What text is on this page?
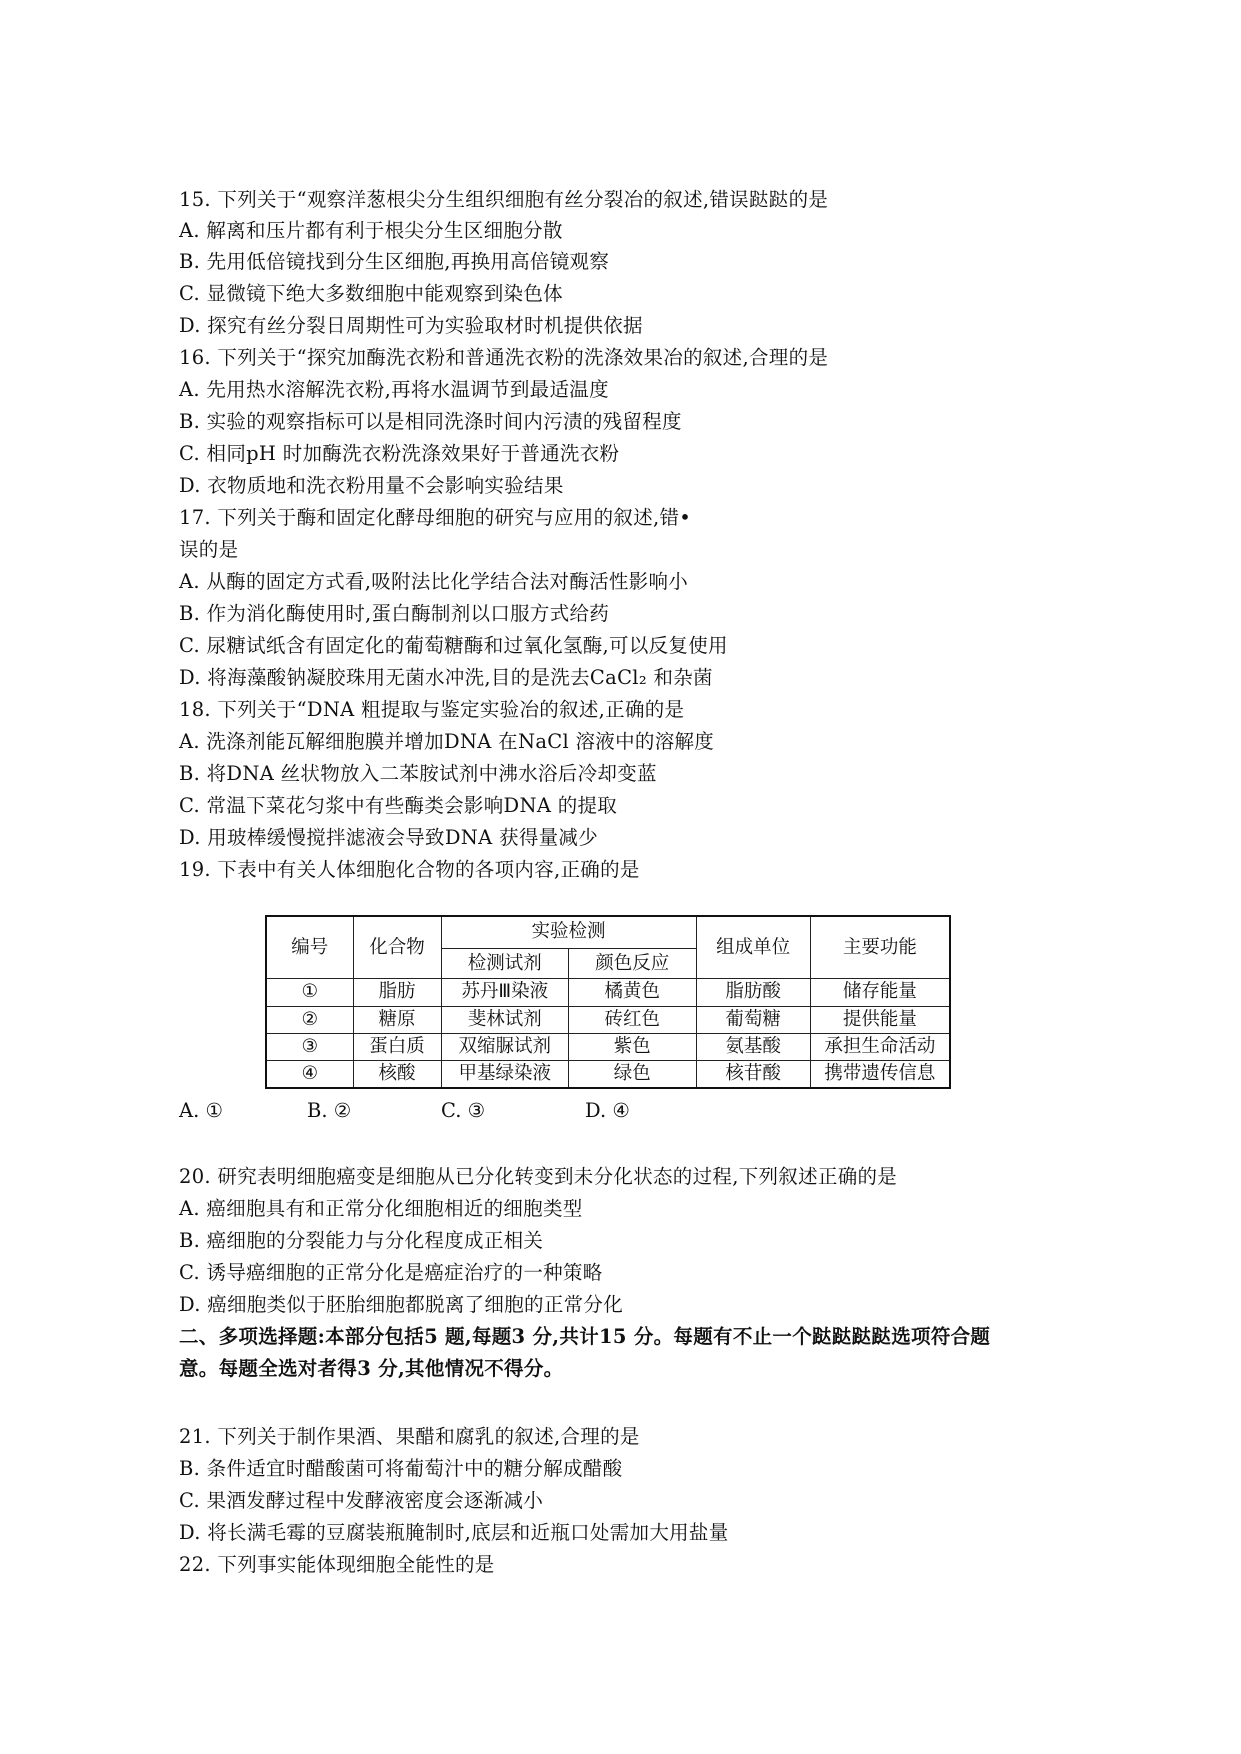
15. 下列关于“观察洋葱根尖分生组织细胞有丝分裂冶的叙述,错误跶跶的是
A. 解离和压片都有利于根尖分生区细胞分散
B. 先用低倍镜找到分生区细胞,再换用高倍镜观察
C. 显微镜下绝大多数细胞中能观察到染色体
D. 探究有丝分裂日周期性可为实验取材时机提供依据
16. 下列关于“探究加酶洗衣粉和普通洗衣粉的洗涤效果冶的叙述,合理的是
A. 先用热水溶解洗衣粉,再将水温调节到最适温度
B. 实验的观察指标可以是相同洗涤时间内污渍的残留程度
C. 相同pH 时加酶洗衣粉洗涤效果好于普通洗衣粉
D. 衣物质地和洗衣粉用量不会影响实验结果
17. 下列关于酶和固定化酵母细胞的研究与应用的叙述,错•
误的是
A. 从酶的固定方式看,吸附法比化学结合法对酶活性影响小
B. 作为消化酶使用时,蛋白酶制剂以口服方式给药
C. 尿糖试纸含有固定化的葡萄糖酶和过氧化氢酶,可以反复使用
D. 将海藻酸钠凝胶珠用无菌水冲洗,目的是洗去CaCl₂ 和杂菌
18. 下列关于“DNA 粗提取与鉴定实验冶的叙述,正确的是
A. 洗涤剂能瓦解细胞膜并增加DNA 在NaCl 溶液中的溶解度
B. 将DNA 丝状物放入二苯胺试剂中沸水浴后冷却变蓝
C. 常温下菜花匀浆中有些酶类会影响DNA 的提取
D. 用玻棒缓慢搅拌滤液会导致DNA 获得量减少
19. 下表中有关人体细胞化合物的各项内容,正确的是
编号	化合物	实验检测		组成单位	主要功能
		检测试剂	颜色反应		
①	脂肪	苏丹Ⅲ染液	橘黄色	脂肪酸	储存能量
②	糖原	斐林试剂	砖红色	葡萄糖	提供能量
③	蛋白质	双缩脲试剂	紫色	氨基酸	承担生命活动
④	核酸	甲基绿染液	绿色	核苷酸	携带遗传信息
A. ①	B. ②	C. ③	D. ④
20. 研究表明细胞癌变是细胞从已分化转变到未分化状态的过程,下列叙述正确的是
A. 癌细胞具有和正常分化细胞相近的细胞类型
B. 癌细胞的分裂能力与分化程度成正相关
C. 诱导癌细胞的正常分化是癌症治疗的一种策略
D. 癌细胞类似于胚胎细胞都脱离了细胞的正常分化
二、多项选择题:本部分包括5 题,每题3 分,共计15 分。每题有不止一个跶跶跶跶选项符合题
意。每题全选对者得3 分,其他情况不得分。
21. 下列关于制作果酒、果醋和腐乳的叙述,合理的是
B. 条件适宜时醋酸菌可将葡萄汁中的糖分解成醋酸
C. 果酒发酵过程中发酵液密度会逐渐减小
D. 将长满毛霉的豆腐装瓶腌制时,底层和近瓶口处需加大用盐量
22. 下列事实能体现细胞全能性的是
